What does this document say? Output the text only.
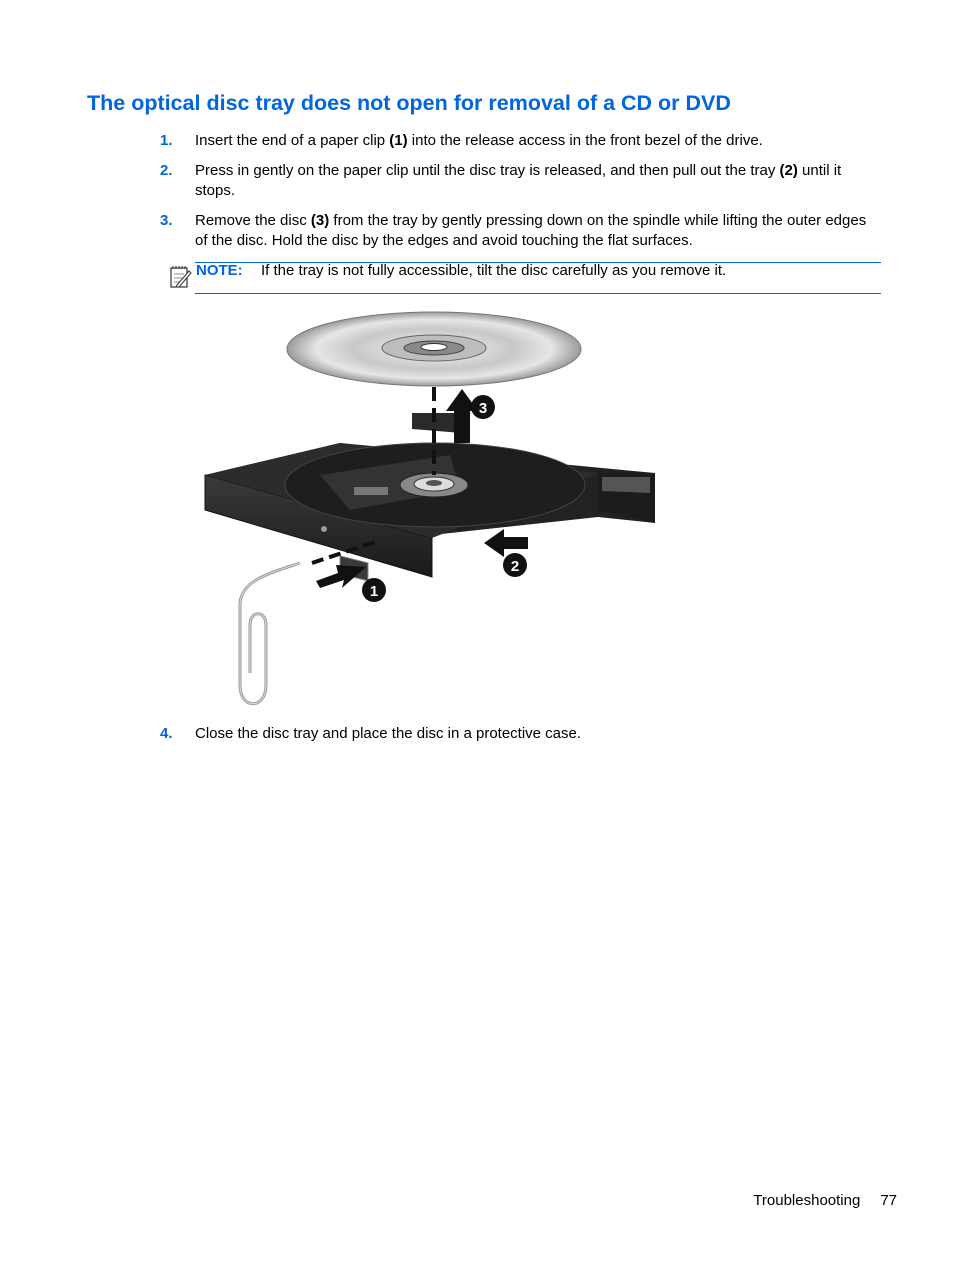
The optical disc tray does not open for removal of a CD or DVD
1. Insert the end of a paper clip (1) into the release access in the front bezel of the drive.
2. Press in gently on the paper clip until the disc tray is released, and then pull out the tray (2) until it stops.
3. Remove the disc (3) from the tray by gently pressing down on the spindle while lifting the outer edges of the disc. Hold the disc by the edges and avoid touching the flat surfaces.
NOTE: If the tray is not fully accessible, tilt the disc carefully as you remove it.
3
2
1
4. Close the disc tray and place the disc in a protective case.
Troubleshooting 77
